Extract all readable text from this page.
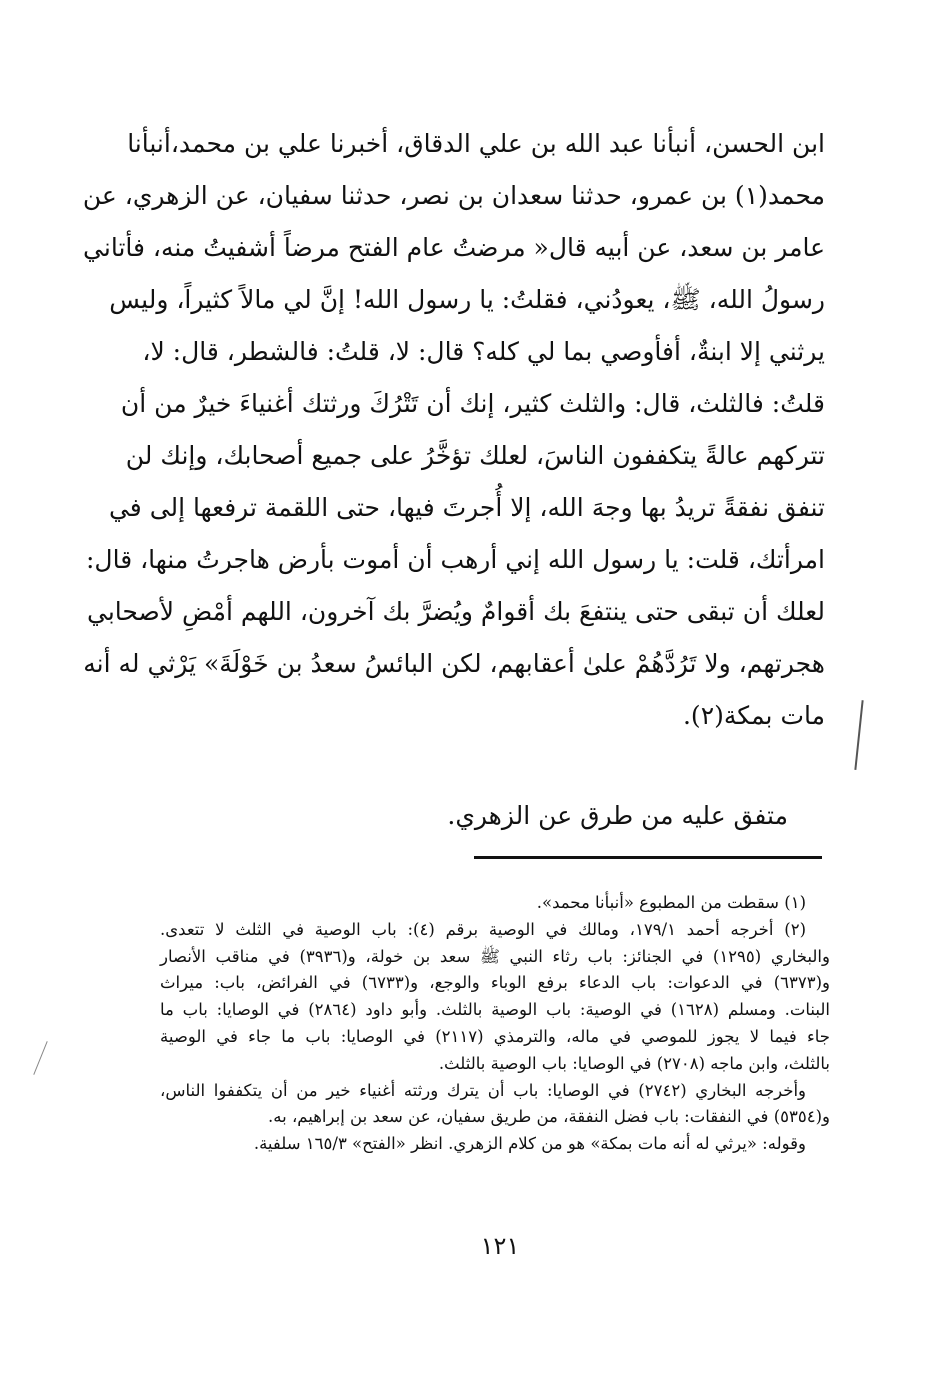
ابن الحسن، أنبأنا عبد الله بن علي الدقاق، أخبرنا علي بن محمد،أنبأنا
محمد(١) بن عمرو، حدثنا سعدان بن نصر، حدثنا سفيان، عن الزهري، عن
عامر بن سعد، عن أبيه قال« مرضتُ عام الفتح مرضاً أشفيتُ منه، فأتاني
رسولُ الله، ﷺ، يعودُني، فقلتُ: يا رسول الله! إنَّ لي مالاً كثيراً، وليس
يرثني إلا ابنةٌ، أفأوصي بما لي كله؟ قال: لا، قلتُ: فالشطر، قال: لا،
قلتُ: فالثلث، قال: والثلث كثير، إنك أن تَتْرُكَ ورثتك أغنياءَ خيرٌ من أن
تتركهم عالةً يتكففون الناسَ، لعلك تؤخَّرُ على جميع أصحابك، وإنك لن
تنفق نفقةً تريدُ بها وجهَ الله، إلا أُجرتَ فيها، حتى اللقمة ترفعها إلى في
امرأتك، قلت: يا رسول الله إني أرهب أن أموت بأرض هاجرتُ منها، قال:
لعلك أن تبقى حتى ينتفعَ بك أقوامٌ ويُضرَّ بك آخرون، اللهم أمْضِ لأصحابي
هجرتهم، ولا تَرُدَّهُمْ علىٰ أعقابهم، لكن البائسُ سعدُ بن خَوْلَةَ» يَرْثي له أنه
مات بمكة(٢).
متفق عليه من طرق عن الزهري.
(١) سقطت من المطبوع «أنبأنا محمد».
(٢) أخرجه أحمد ١٧٩/١، ومالك في الوصية برقم (٤): باب الوصية في الثلث لا تتعدى.
والبخاري (١٢٩٥) في الجنائز: باب رثاء النبي ﷺ سعد بن خولة، و(٣٩٣٦) في مناقب الأنصار
و(٦٣٧٣) في الدعوات: باب الدعاء برفع الوباء والوجع، و(٦٧٣٣) في الفرائض، باب: ميراث
البنات. ومسلم (١٦٢٨) في الوصية: باب الوصية بالثلث. وأبو داود (٢٨٦٤) في الوصايا: باب ما
جاء فيما لا يجوز للموصي في ماله، والترمذي (٢١١٧) في الوصايا: باب ما جاء في الوصية
بالثلث، وابن ماجه (٢٧٠٨) في الوصايا: باب الوصية بالثلث.
وأخرجه البخاري (٢٧٤٢) في الوصايا: باب أن يترك ورثته أغنياء خير من أن يتكففوا الناس،
و(٥٣٥٤) في النفقات: باب فضل النفقة، من طريق سفيان، عن سعد بن إبراهيم، به.
وقوله: «يرثي له أنه مات بمكة» هو من كلام الزهري. انظر «الفتح» ١٦٥/٣ سلفية.
١٢١
